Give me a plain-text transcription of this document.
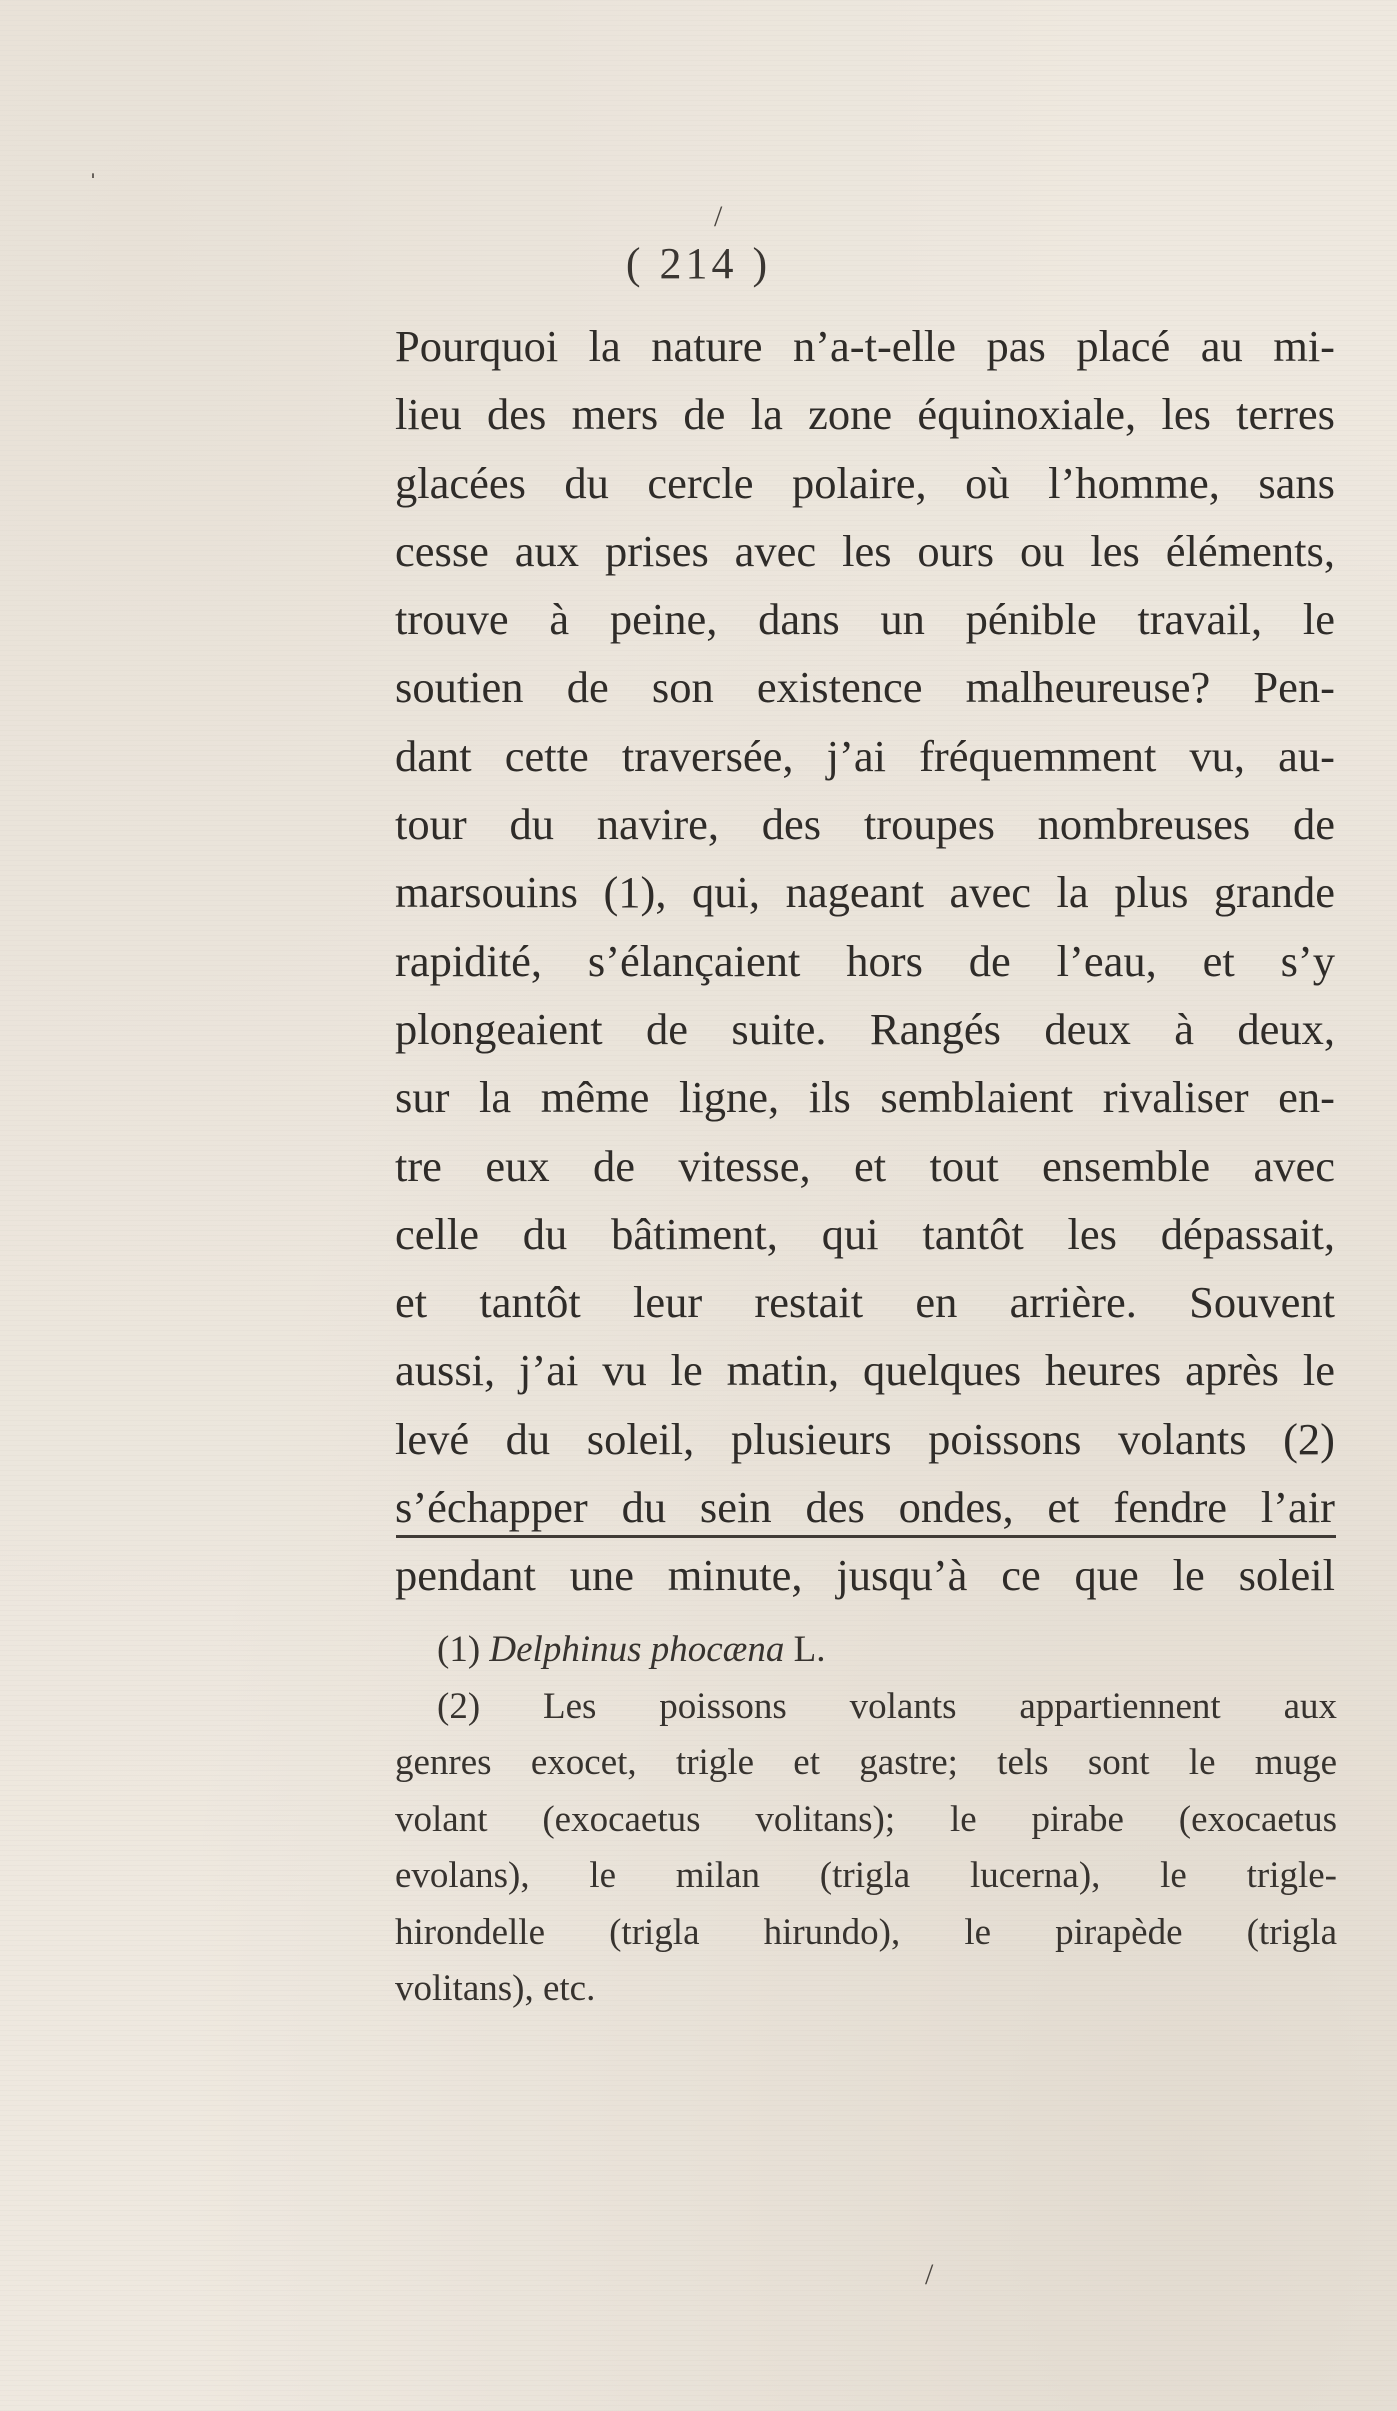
ˈ
/
( 214 )
Pourquoi la nature n’a-t-elle pas placé au mi-
lieu des mers de la zone équinoxiale, les terres
glacées du cercle polaire, où l’homme, sans
cesse aux prises avec les ours ou les éléments,
trouve à peine, dans un pénible travail, le
soutien de son existence malheureuse? Pen-
dant cette traversée, j’ai fréquemment vu, au-
tour du navire, des troupes nombreuses de
marsouins (1), qui, nageant avec la plus grande
rapidité, s’élançaient hors de l’eau, et s’y
plongeaient de suite. Rangés deux à deux,
sur la même ligne, ils semblaient rivaliser en-
tre eux de vitesse, et tout ensemble avec
celle du bâtiment, qui tantôt les dépassait,
et tantôt leur restait en arrière. Souvent
aussi, j’ai vu le matin, quelques heures après le
levé du soleil, plusieurs poissons volants (2)
s’échapper du sein des ondes, et fendre l’air
pendant une minute, jusqu’à ce que le soleil
(1) Delphinus phocæna L.
(2) Les poissons volants appartiennent aux
genres exocet, trigle et gastre; tels sont le muge
volant (exocaetus volitans); le pirabe (exocaetus
evolans), le milan (trigla lucerna), le trigle-
hirondelle (trigla hirundo), le pirapède (trigla
volitans), etc.
/
